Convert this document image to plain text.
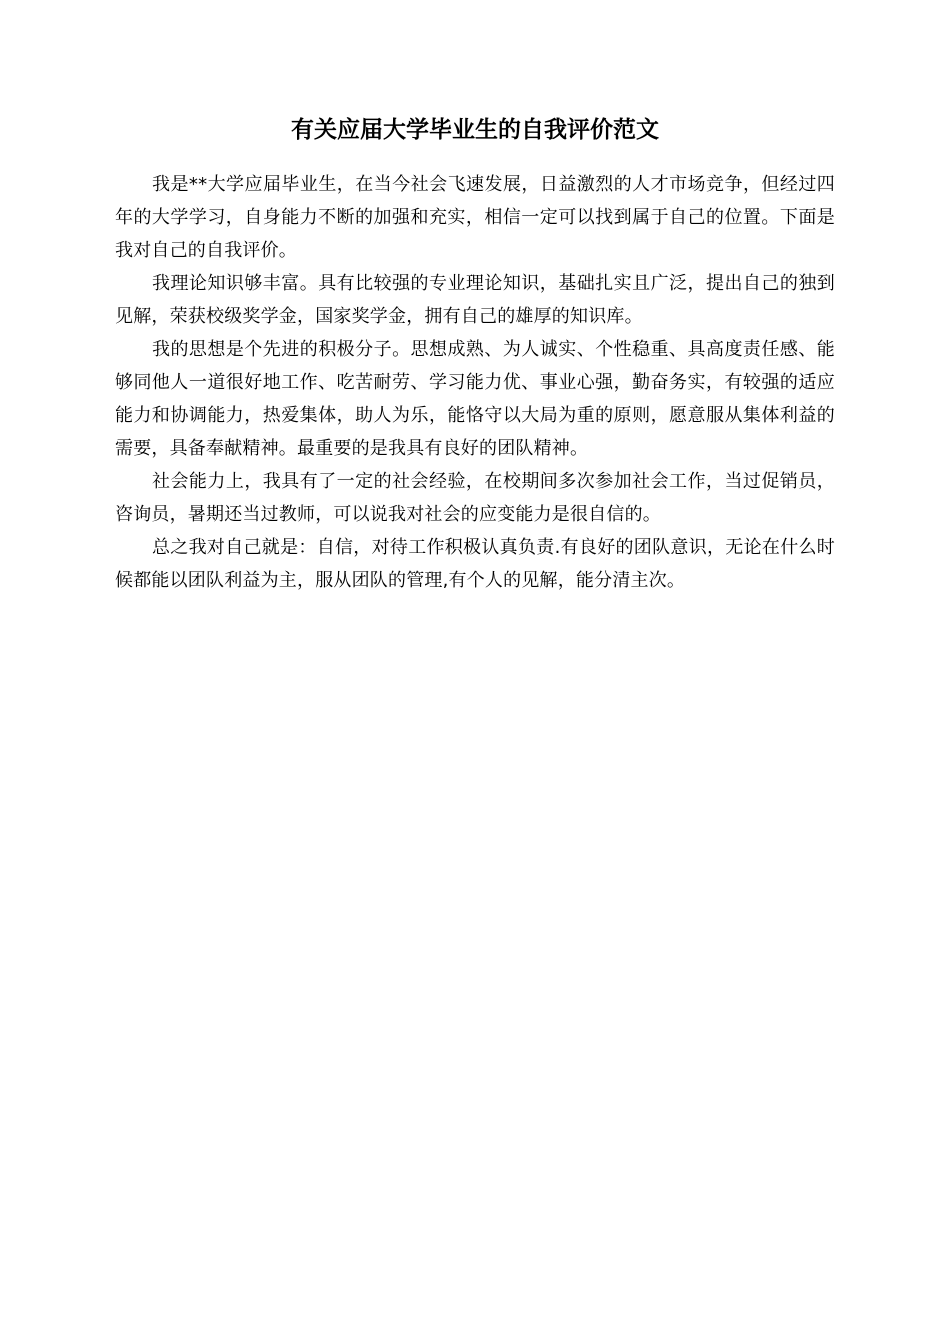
有关应届大学毕业生的自我评价范文

我是**大学应届毕业生，在当今社会飞速发展，日益激烈的人才市场竞争，但经过四年的大学学习，自身能力不断的加强和充实，相信一定可以找到属于自己的位置。下面是我对自己的自我评价。

我理论知识够丰富。具有比较强的专业理论知识，基础扎实且广泛，提出自己的独到见解，荣获校级奖学金，国家奖学金，拥有自己的雄厚的知识库。

我的思想是个先进的积极分子。思想成熟、为人诚实、个性稳重、具高度责任感、能够同他人一道很好地工作、吃苦耐劳、学习能力优、事业心强，勤奋务实，有较强的适应能力和协调能力，热爱集体，助人为乐，能恪守以大局为重的原则，愿意服从集体利益的需要，具备奉献精神。最重要的是我具有良好的团队精神。

社会能力上，我具有了一定的社会经验，在校期间多次参加社会工作，当过促销员，咨询员，暑期还当过教师，可以说我对社会的应变能力是很自信的。

总之我对自己就是：自信，对待工作积极认真负责.有良好的团队意识，无论在什么时候都能以团队利益为主，服从团队的管理,有个人的见解，能分清主次。
